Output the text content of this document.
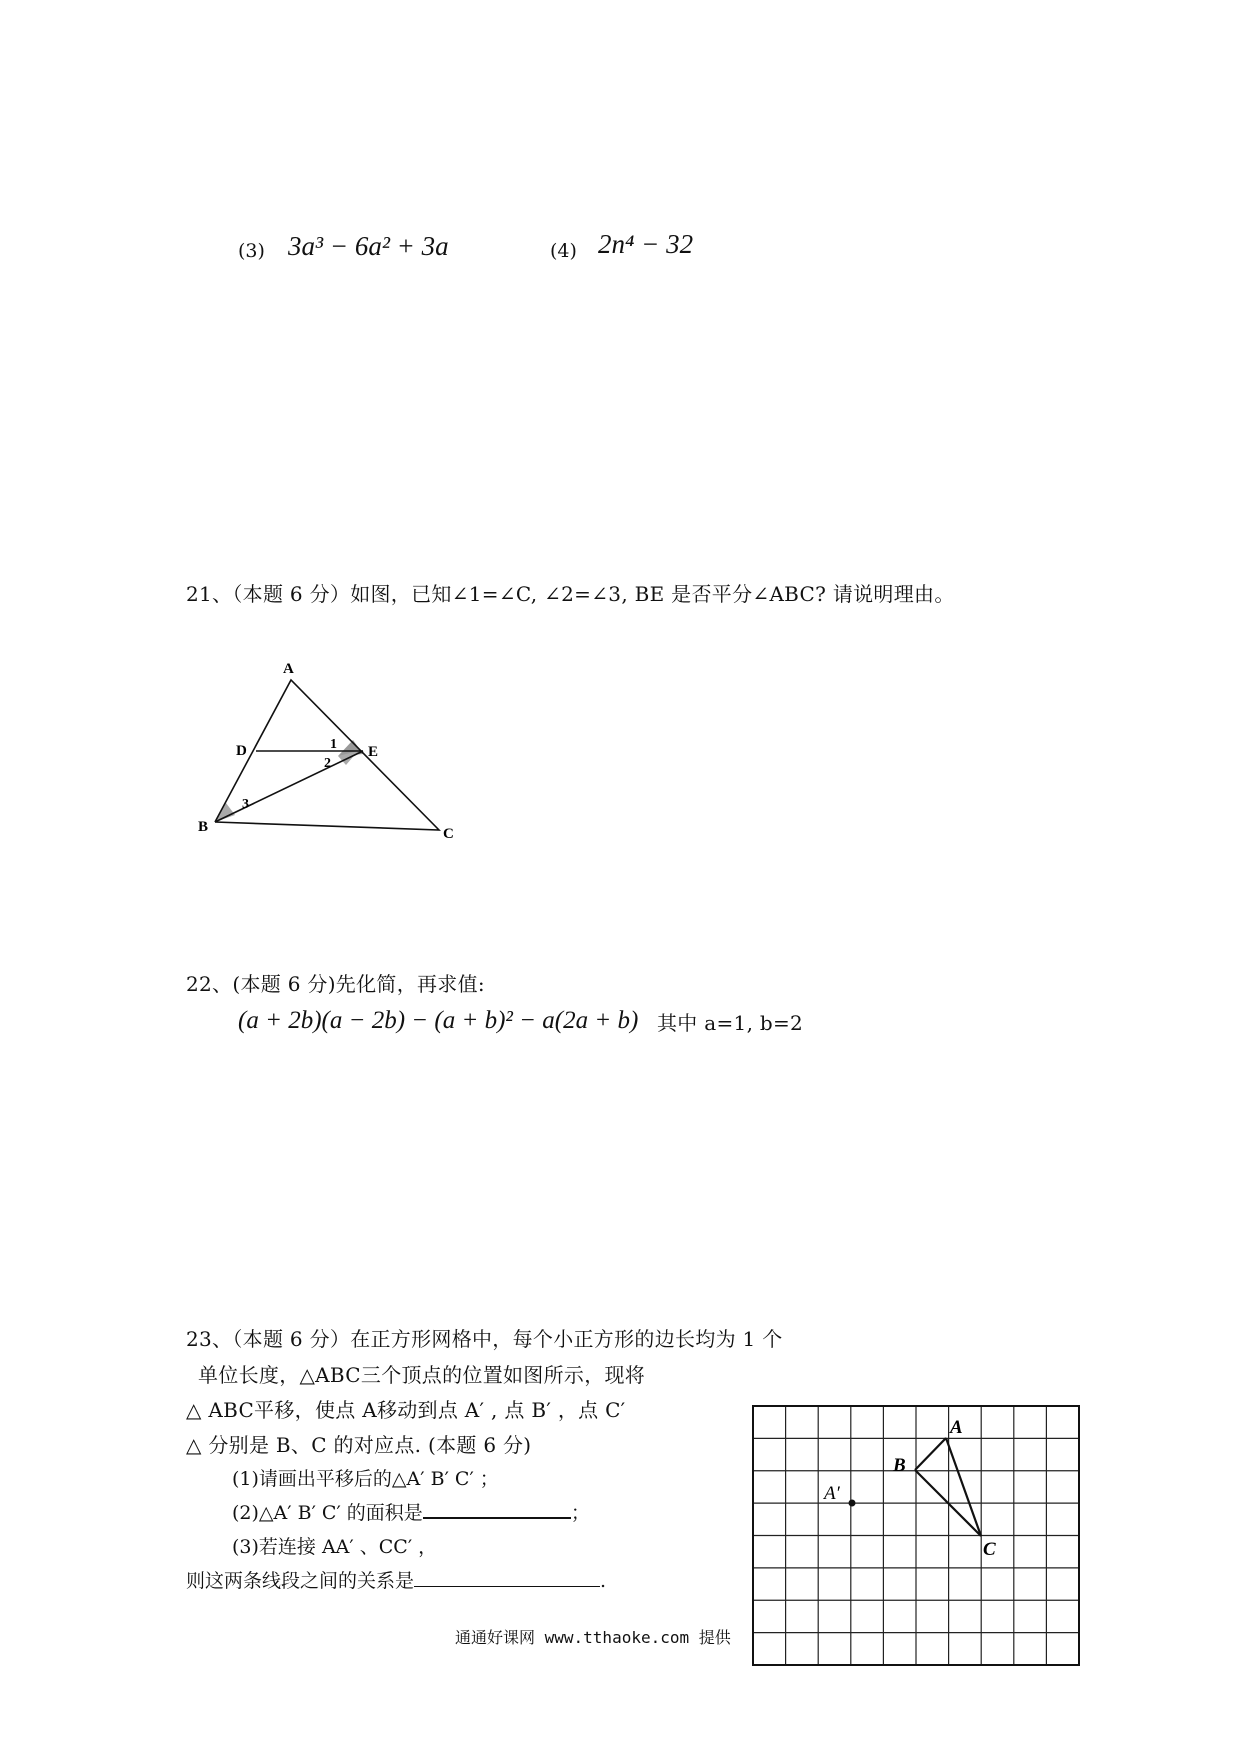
(3) 3a³ − 6a² + 3a	(4) 2n⁴ − 32
21、（本题 6 分）如图，已知∠1=∠C, ∠2=∠3, BE 是否平分∠ABC? 请说明理由。
A
D	E
B	C
1
2
3
22、(本题 6 分)先化简，再求值:
(a + 2b)(a − 2b) − (a + b)² − a(2a + b) 其中 a=1, b=2
23、（本题 6 分）在正方形网格中，每个小正方形的边长均为 1 个
单位长度，△ABC三个顶点的位置如图所示，现将
△ ABC平移，使点 A移动到点 A′ , 点 B′ ，点 C′
△ 分别是 B、C 的对应点. (本题 6 分)
(1)请画出平移后的△A′ B′ C′ ；
(2)△A′ B′ C′ 的面积是	；
(3)若连接 AA′ 、CC′ ，
则这两条线段之间的关系是	.
A
B
C
A′
通通好课网 www.tthaoke.com 提供
